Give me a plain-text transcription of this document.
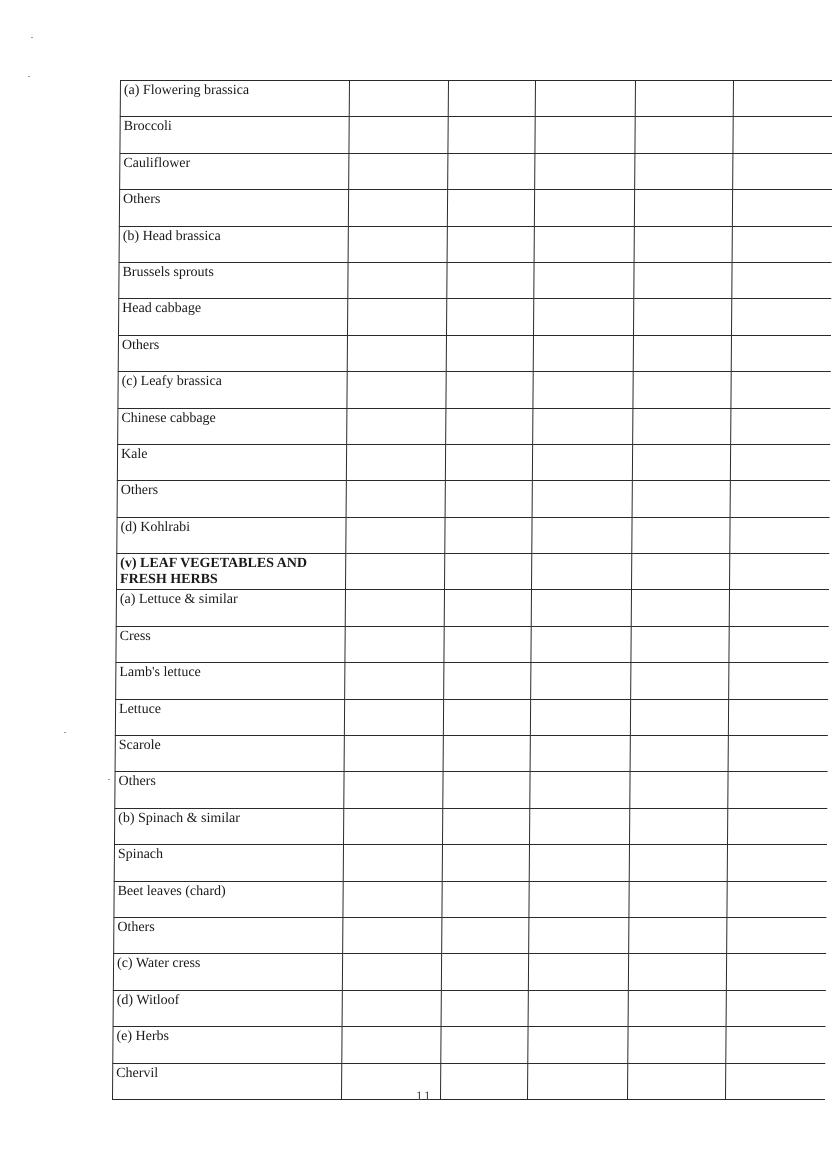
(a) Flowering brassica					
Broccoli					
Cauliflower					
Others					
(b) Head brassica					
Brussels sprouts					
Head cabbage					
Others					
(c) Leafy brassica					
Chinese cabbage					
Kale					
Others					
(d) Kohlrabi					
(v) LEAF VEGETABLES AND FRESH HERBS					
(a) Lettuce & similar					
Cress					
Lamb's lettuce					
Lettuce					
Scarole					
Others					
(b) Spinach & similar					
Spinach					
Beet leaves (chard)					
Others					
(c) Water cress					
(d) Witloof					
(e) Herbs					
Chervil					
11
